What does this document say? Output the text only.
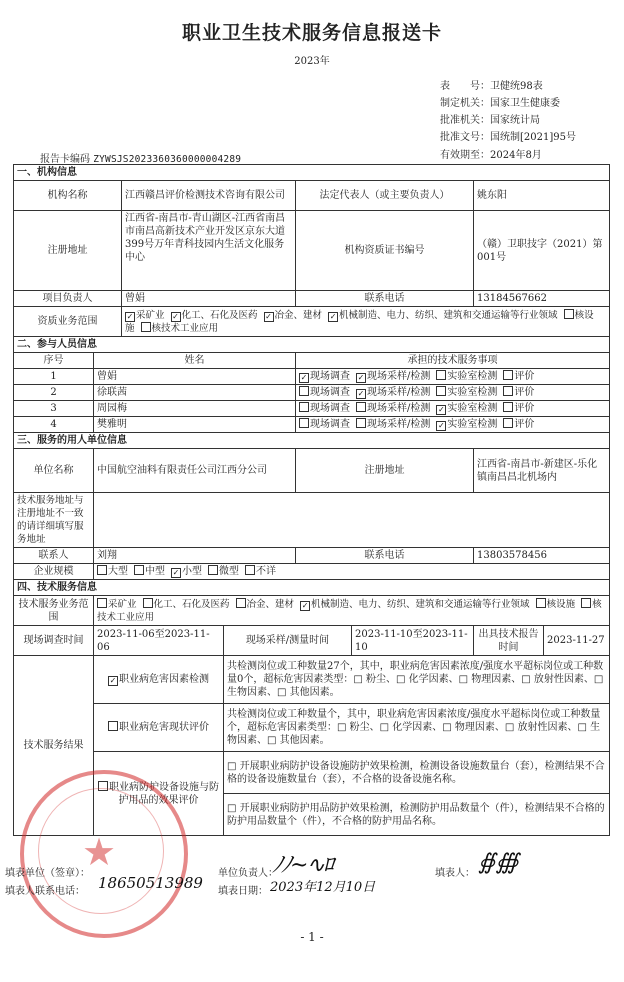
职业卫生技术服务信息报送卡
2023年
表　　号：卫健统98表
制定机关：国家卫生健康委
批准机关：国家统计局
批准文号：国统制[2021]95号
有效期至：2024年8月
报告卡编码 ZYWSJS2023360360000004289
一、机构信息							
机构名称		江西赣昌评价检测技术咨询有限公司		法定代表人（或主要负责人）		姚东阳	
注册地址		江西省-南昌市-青山湖区-江西省南昌市南昌高新技术产业开发区京东大道399号万年青科技园内生活文化服务中心		机构资质证书编号		（赣）卫职技字（2021）第001号	
项目负责人		曾娟		联系电话		13184567662	
资质业务范围	✓采矿业 ✓ 化工、石化及医药 ✓ 冶金、建材 ✓ 机械制造、电力、纺织、建筑和交通运输等行业领域 核设施 核技术工业应用
二、参与人员信息							
序号	姓名			承担的技术服务事项			
1	曾娟	✓现场调查 ✓ 现场采样/检测 实验室检测 评价
2	徐联茜			现场调查 ✓ 现场采样/检测 实验室检测 评价
3	周园梅			现场调查 现场采样/检测 ✓ 实验室检测 评价
4	樊雅明			现场调查 现场采样/检测 ✓ 实验室检测 评价
三、服务的用人单位信息							
单位名称	中国航空油料有限责任公司江西分公司			注册地址		江西省-南昌市-新建区-乐化镇南昌昌北机场内	
技术服务地址与注册地址不一致的请详细填写服务地址							
联系人	刘翔			联系电话		13803578456	
企业规模	大型 中型 ✓ 小型 微型 不详
四、技术服务信息							
技术服务业务范围	采矿业 化工、石化及医药 冶金、建材 ✓ 机械制造、电力、纺织、建筑和交通运输等行业领域 核设施 核技术工业应用
现场调查时间	2023-11-06至2023-11-06		现场采样/测量时间		2023-11-10至2023-11-10	出具技术报告时间	2023-11-27
技术服务结果	✓职业病危害因素检测		共检测岗位或工种数量27个，其中，职业病危害因素浓度/强度水平超标岗位或工种数量0个，超标危害因素类型：□ 粉尘、□ 化学因素、□ 物理因素、□ 放射性因素、□ 生物因素、□ 其他因素。				
	职业病危害现状评价		共检测岗位或工种数量个，其中，职业病危害因素浓度/强度水平超标岗位或工种数量个，超标危害因素类型：□ 粉尘、□ 化学因素、□ 物理因素、□ 放射性因素、□ 生物因素、□ 其他因素。				
	职业病防护设备设施与防护用品的效果评价		□ 开展职业病防护设备设施防护效果检测，检测设备设施数量台（套），检测结果不合格的设备设施数量台（套），不合格的设备设施名称。				
			□ 开展职业病防护用品防护效果检测，检测防护用品数量个（件），检测结果不合格的防护用品数量个（件），不合格的防护用品名称。				
★
填表单位（签章）：	单位负责人：
ﾉﾉ~∿ﾛ	填表人： ∯∰
填表人联系电话： 18650513989 填表日期： 2023年12月10日
- 1 -
